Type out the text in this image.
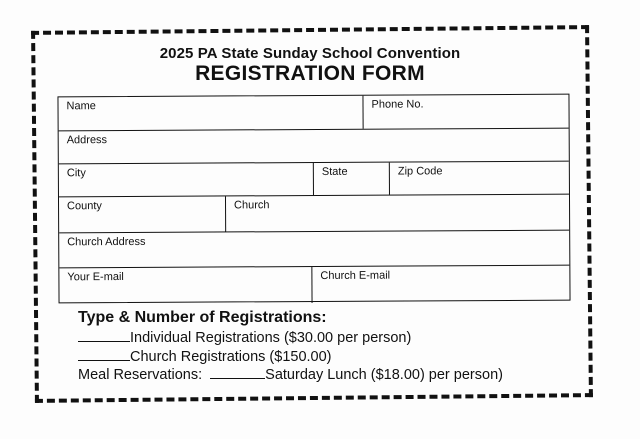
2025 PA State Sunday School Convention
REGISTRATION FORM
Name	Phone No.
Address
City	State	Zip Code
County	Church
Church Address
Your E-mail	Church E-mail
Type & Number of Registrations:
Individual Registrations ($30.00 per person)
Church Registrations ($150.00)
Meal Reservations:	Saturday Lunch ($18.00) per person)
